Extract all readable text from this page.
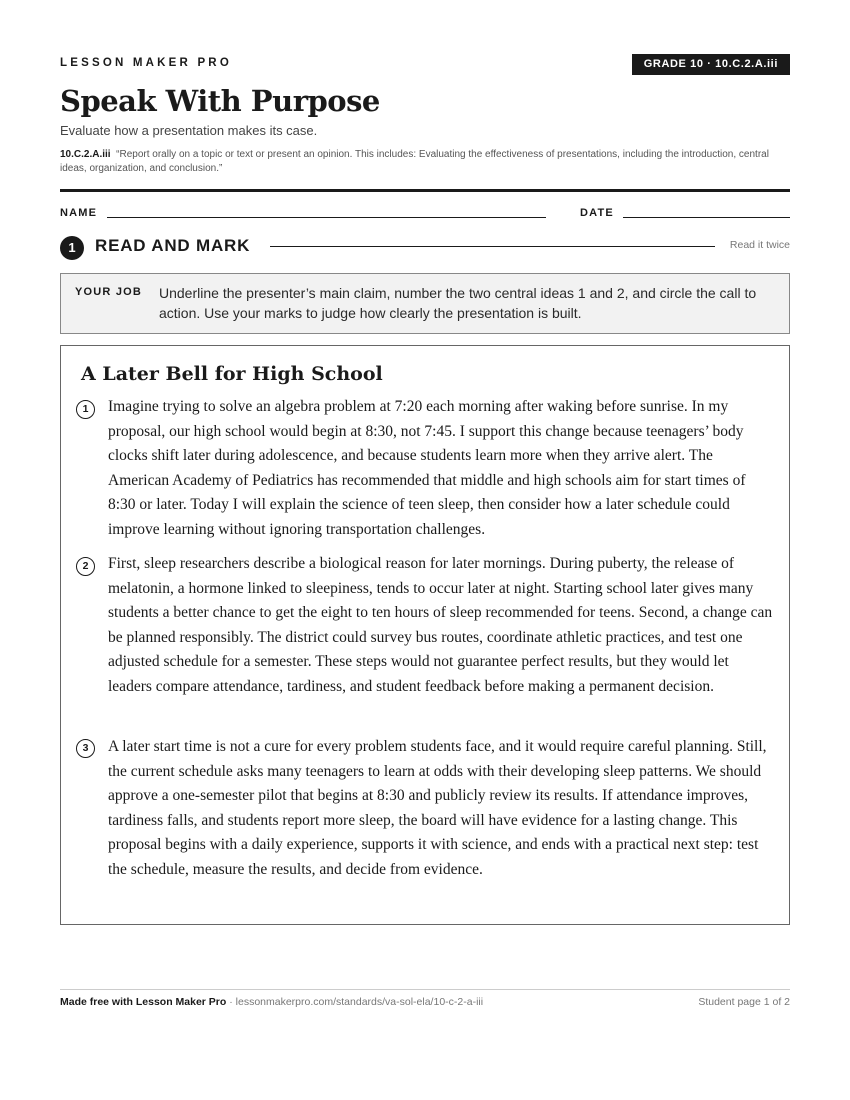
LESSON MAKER PRO	GRADE 10 · 10.C.2.A.iii
Speak With Purpose
Evaluate how a presentation makes its case.
10.C.2.A.iii “Report orally on a topic or text or present an opinion. This includes: Evaluating the effectiveness of presentations, including the introduction, central ideas, organization, and conclusion.”
NAME	DATE
1	READ AND MARK	Read it twice
YOUR JOB Underline the presenter’s main claim, number the two central ideas 1 and 2, and circle the call to action. Use your marks to judge how clearly the presentation is built.
A Later Bell for High School
1	Imagine trying to solve an algebra problem at 7:20 each morning after waking before sunrise. In my proposal, our high school would begin at 8:30, not 7:45. I support this change because teenagers’ body clocks shift later during adolescence, and because students learn more when they arrive alert. The American Academy of Pediatrics has recommended that middle and high schools aim for start times of 8:30 or later. Today I will explain the science of teen sleep, then consider how a later schedule could improve learning without ignoring transportation challenges.
2	First, sleep researchers describe a biological reason for later mornings. During puberty, the release of melatonin, a hormone linked to sleepiness, tends to occur later at night. Starting school later gives many students a better chance to get the eight to ten hours of sleep recommended for teens. Second, a change can be planned responsibly. The district could survey bus routes, coordinate athletic practices, and test one adjusted schedule for a semester. These steps would not guarantee perfect results, but they would let leaders compare attendance, tardiness, and student feedback before making a permanent decision.
3	A later start time is not a cure for every problem students face, and it would require careful planning. Still, the current schedule asks many teenagers to learn at odds with their developing sleep patterns. We should approve a one-semester pilot that begins at 8:30 and publicly review its results. If attendance improves, tardiness falls, and students report more sleep, the board will have evidence for a lasting change. This proposal begins with a daily experience, supports it with science, and ends with a practical next step: test the schedule, measure the results, and decide from evidence.
Made free with Lesson Maker Pro · lessonmakerpro.com/standards/va-sol-ela/10-c-2-a-iii	Student page 1 of 2
